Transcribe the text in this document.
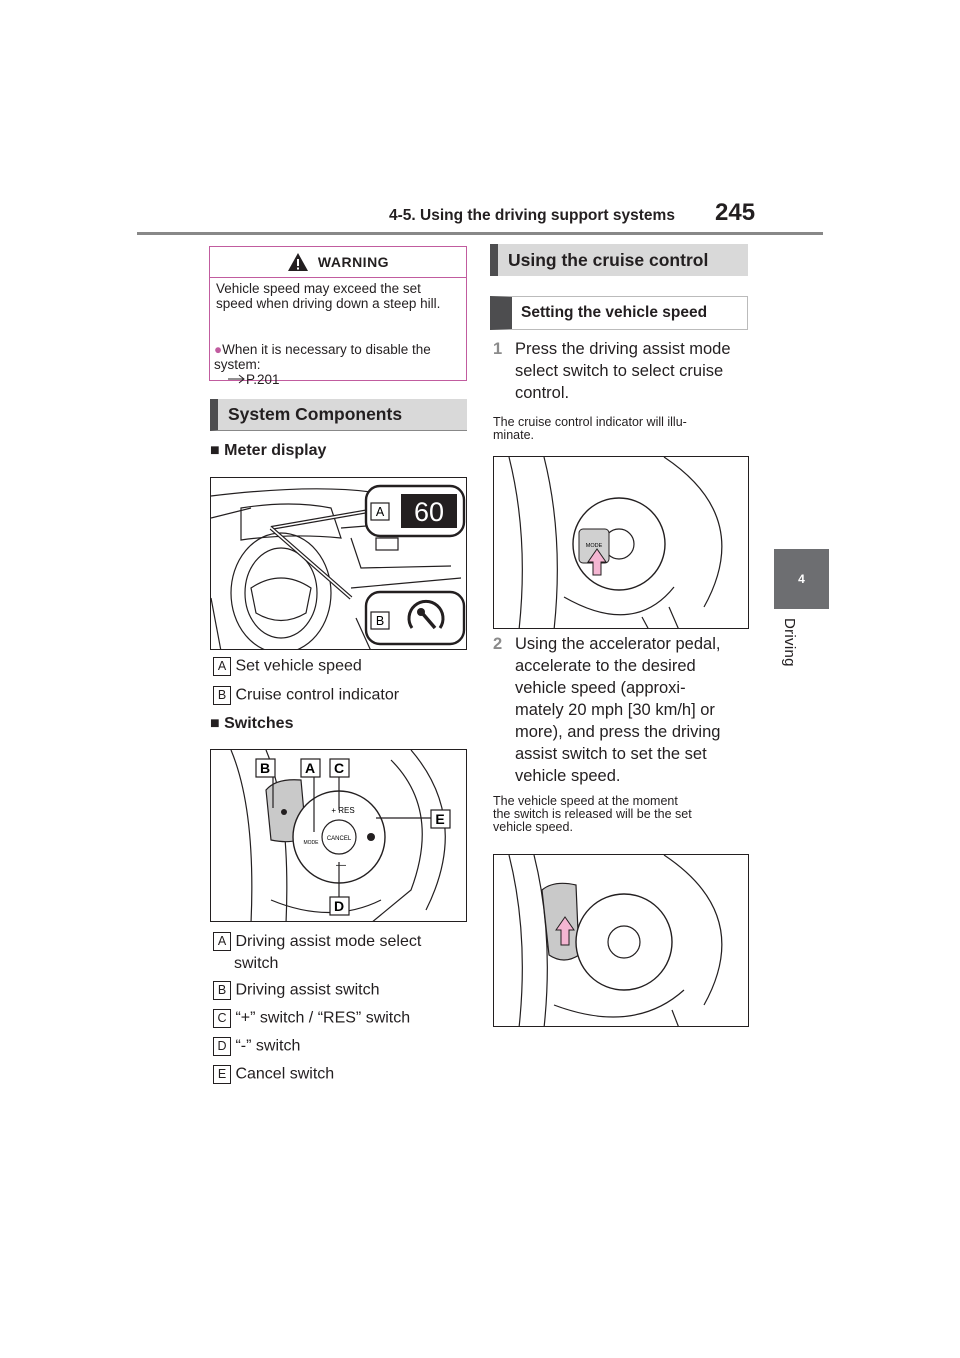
4-5. Using the driving support systems 245
4
Driving
WARNING
Vehicle speed may exceed the set speed when driving down a steep hill.
●When it is necessary to disable the system:
P.201
System Components
■ Meter display
A 60
B
A Set vehicle speed
B Cruise control indicator
■ Switches
CANCEL
+ RES
MODE
—
B A C
E
D
A Driving assist mode select
switch
B Driving assist switch
C “+” switch / “RES” switch
D “-” switch
E Cancel switch
Using the cruise control
Setting the vehicle speed
1 Press the driving assist mode
select switch to select cruise
control.
The cruise control indicator will illu-
minate.
MODE
2 Using the accelerator pedal,
accelerate to the desired
vehicle speed (approxi-
mately 20 mph [30 km/h] or
more), and press the driving
assist switch to set the set
vehicle speed.
The vehicle speed at the moment
the switch is released will be the set
vehicle speed.
